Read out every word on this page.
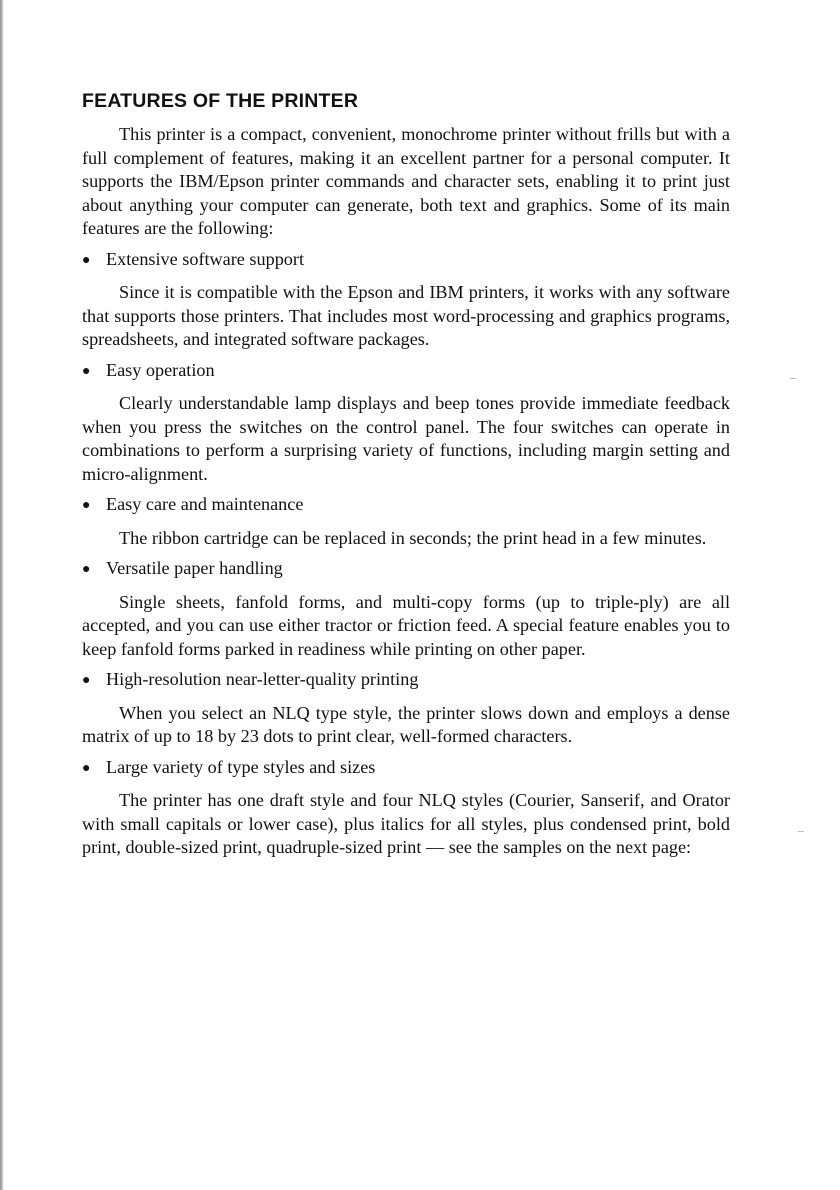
FEATURES OF THE PRINTER

This printer is a compact, convenient, monochrome printer without frills but with a full complement of features, making it an excellent partner for a personal computer. It supports the IBM/Epson printer commands and character sets, enabling it to print just about anything your computer can generate, both text and graphics. Some of its main features are the following:

● Extensive software support

Since it is compatible with the Epson and IBM printers, it works with any software that supports those printers. That includes most word-processing and graphics programs, spreadsheets, and integrated software packages.

● Easy operation

Clearly understandable lamp displays and beep tones provide immediate feedback when you press the switches on the control panel. The four switches can operate in combinations to perform a surprising variety of functions, including margin setting and micro-alignment.

● Easy care and maintenance

The ribbon cartridge can be replaced in seconds; the print head in a few minutes.

● Versatile paper handling

Single sheets, fanfold forms, and multi-copy forms (up to triple-ply) are all accepted, and you can use either tractor or friction feed. A special feature enables you to keep fanfold forms parked in readiness while printing on other paper.

● High-resolution near-letter-quality printing

When you select an NLQ type style, the printer slows down and employs a dense matrix of up to 18 by 23 dots to print clear, well-formed characters.

● Large variety of type styles and sizes

The printer has one draft style and four NLQ styles (Courier, Sanserif, and Orator with small capitals or lower case), plus italics for all styles, plus condensed print, bold print, double-sized print, quadruple-sized print — see the samples on the next page:
